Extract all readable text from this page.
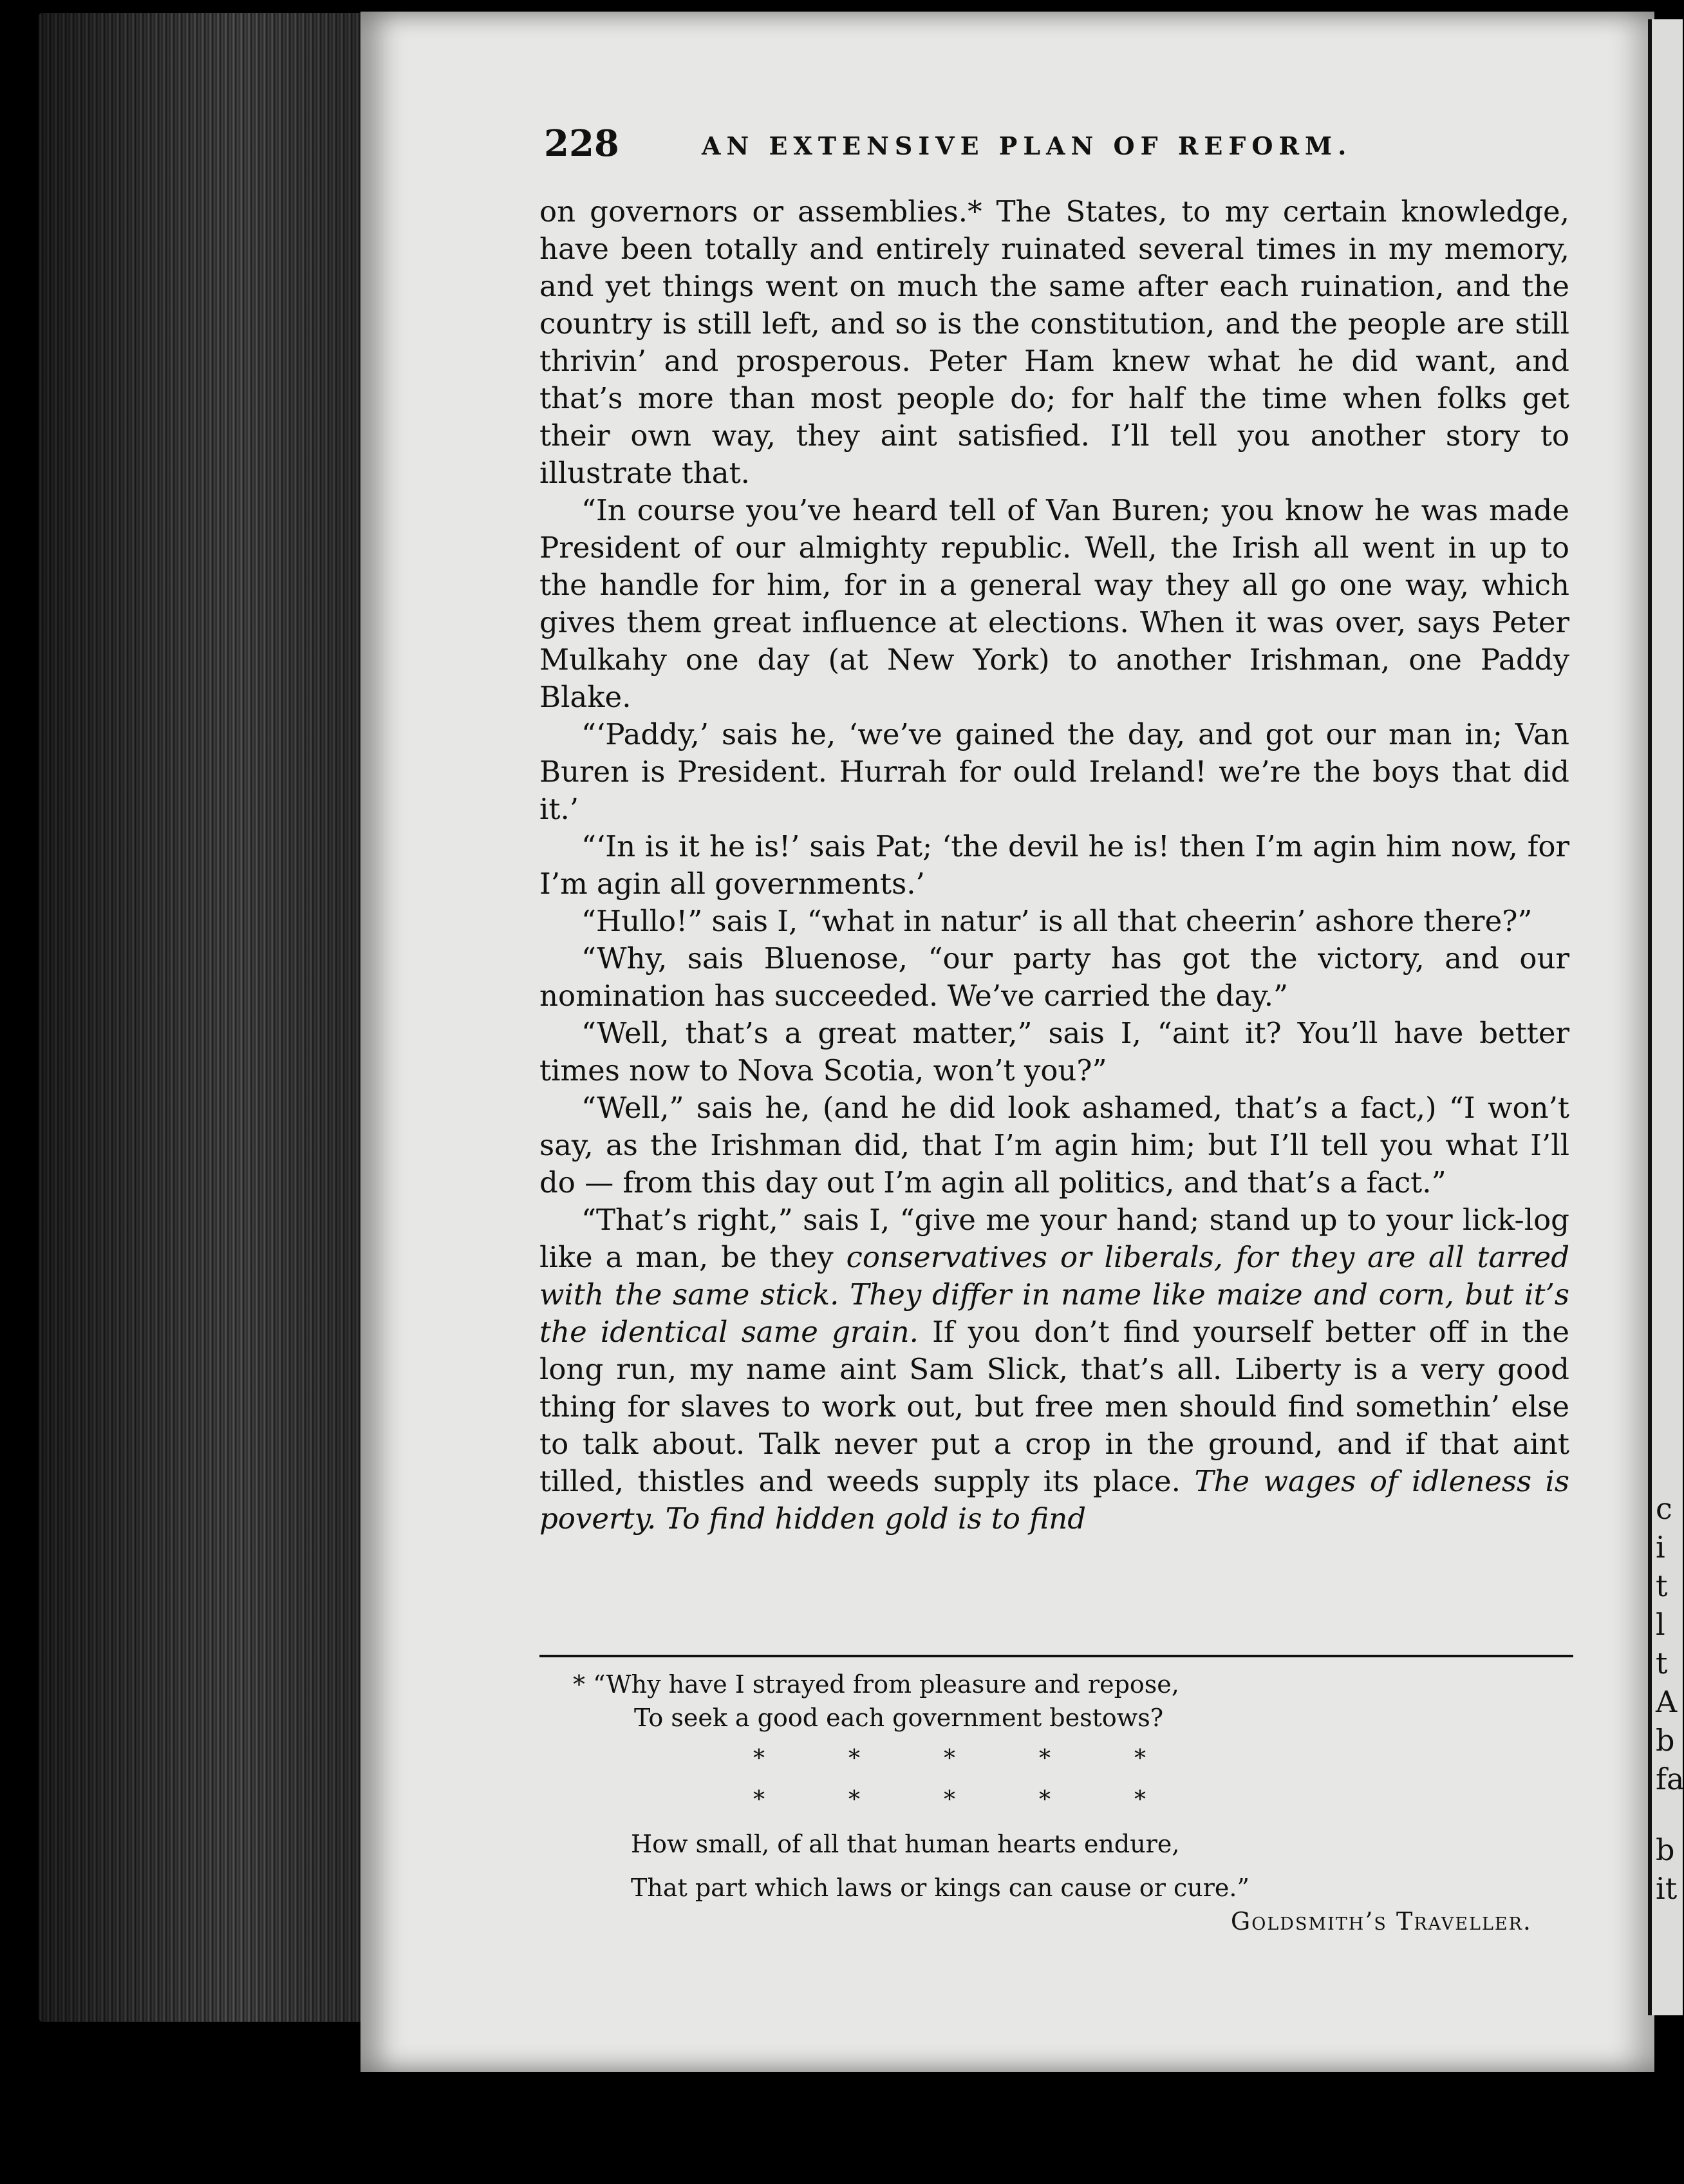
c
i
t
l
t
A
b
fa
b
it
228	AN EXTENSIVE PLAN OF REFORM.

on governors or assemblies.* The States, to my certain knowledge, have been totally and entirely ruinated several times in my memory, and yet things went on much the same after each ruination, and the country is still left, and so is the constitution, and the people are still thrivin’ and prosperous. Peter Ham knew what he did want, and that’s more than most people do; for half the time when folks get their own way, they aint satisfied. I’ll tell you another story to illustrate that.

“In course you’ve heard tell of Van Buren; you know he was made President of our almighty republic. Well, the Irish all went in up to the handle for him, for in a general way they all go one way, which gives them great influence at elections. When it was over, says Peter Mulkahy one day (at New York) to another Irishman, one Paddy Blake.

“‘Paddy,’ sais he, ‘we’ve gained the day, and got our man in; Van Buren is President. Hurrah for ould Ireland! we’re the boys that did it.’

“‘In is it he is!’ sais Pat; ‘the devil he is! then I’m agin him now, for I’m agin all governments.’

“Hullo!” sais I, “what in natur’ is all that cheerin’ ashore there?”

“Why, sais Bluenose, “our party has got the victory, and our nomination has succeeded. We’ve carried the day.”

“Well, that’s a great matter,” sais I, “aint it? You’ll have better times now to Nova Scotia, won’t you?”

“Well,” sais he, (and he did look ashamed, that’s a fact,) “I won’t say, as the Irishman did, that I’m agin him; but I’ll tell you what I’ll do — from this day out I’m agin all politics, and that’s a fact.”

“That’s right,” sais I, “give me your hand; stand up to your lick-log like a man, be they conservatives or liberals, for they are all tarred with the same stick. They differ in name like maize and corn, but it’s the identical same grain. If you don’t find yourself better off in the long run, my name aint Sam Slick, that’s all. Liberty is a very good thing for slaves to work out, but free men should find somethin’ else to talk about. Talk never put a crop in the ground, and if that aint tilled, thistles and weeds supply its place. The wages of idleness is poverty. To find hidden gold is to find

* “Why have I strayed from pleasure and repose,
To seek a good each government bestows?
*	*	*	*	*
*	*	*	*	*
How small, of all that human hearts endure,
That part which laws or kings can cause or cure.”
Goldsmith’s Traveller.
